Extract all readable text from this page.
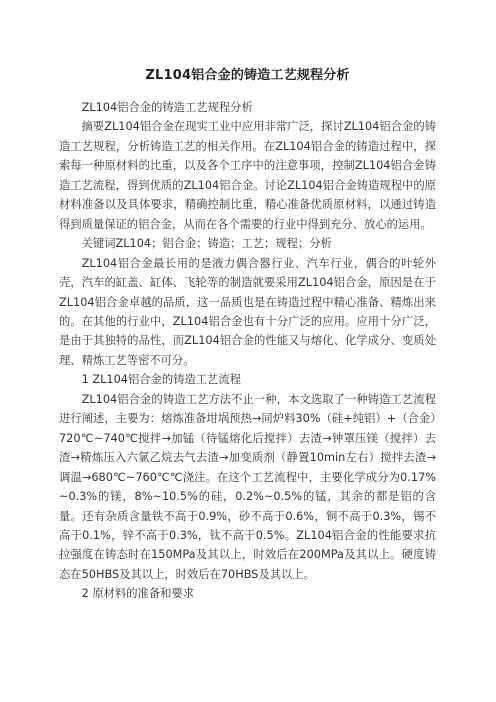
ZL104铝合金的铸造工艺规程分析

ZL104铝合金的铸造工艺规程分析

摘要ZL104铝合金在现实工业中应用非常广泛，探讨ZL104铝合金的铸造工艺规程，分析铸造工艺的相关作用。在ZL104铝合金的铸造过程中，探索每一种原材料的比重，以及各个工序中的注意事项，控制ZL104铝合金铸造工艺流程，得到优质的ZL104铝合金。讨论ZL104铝合金铸造规程中的原材料准备以及具体要求，精确控制比重，精心准备优质原材料，以通过铸造得到质量保证的铝合金，从而在各个需要的行业中得到充分、放心的运用。

关键词ZL104；铝合金；铸造；工艺；规程；分析

ZL104铝合金最长用的是液力偶合器行业、汽车行业，偶合的叶轮外壳，汽车的缸盖、缸体、飞轮等的制造就要采用ZL104铝合金，原因是在于ZL104铝合金卓越的品质，这一品质也是在铸造过程中精心准备、精炼出来的。在其他的行业中，ZL104铝合金也有十分广泛的应用。应用十分广泛，是由于其独特的品性，而ZL104铝合金的性能又与熔化、化学成分、变质处理、精炼工艺等密不可分。

1 ZL104铝合金的铸造工艺流程

ZL104铝合金的铸造工艺方法不止一种，本文选取了一种铸造工艺流程进行阐述，主要为：熔炼准备坩埚预热→同炉料30%（硅+纯铝）+（合金）720℃~740℃搅拌→加锰（待锰熔化后搅拌）去渣→钟罩压镁（搅拌）去渣→精炼压入六氯乙烷去气去渣→加变质剂（静置10min左右）搅拌去渣→调温→680℃~760℃℃浇注。在这个工艺流程中，主要化学成分为0.17%~0.3%的镁，8%~10.5%的硅，0.2%~0.5%的锰，其余的都是铝的含量。还有杂质含量铁不高于0.9%，砂不高于0.6%，铜不高于0.3%，锡不高于0.1%，锌不高于0.3%，钛不高于0.5%。ZL104铝合金的性能要求抗拉强度在铸态时在150MPa及其以上，时效后在200MPa及其以上。硬度铸态在50HBS及其以上，时效后在70HBS及其以上。

2 原材料的准备和要求
